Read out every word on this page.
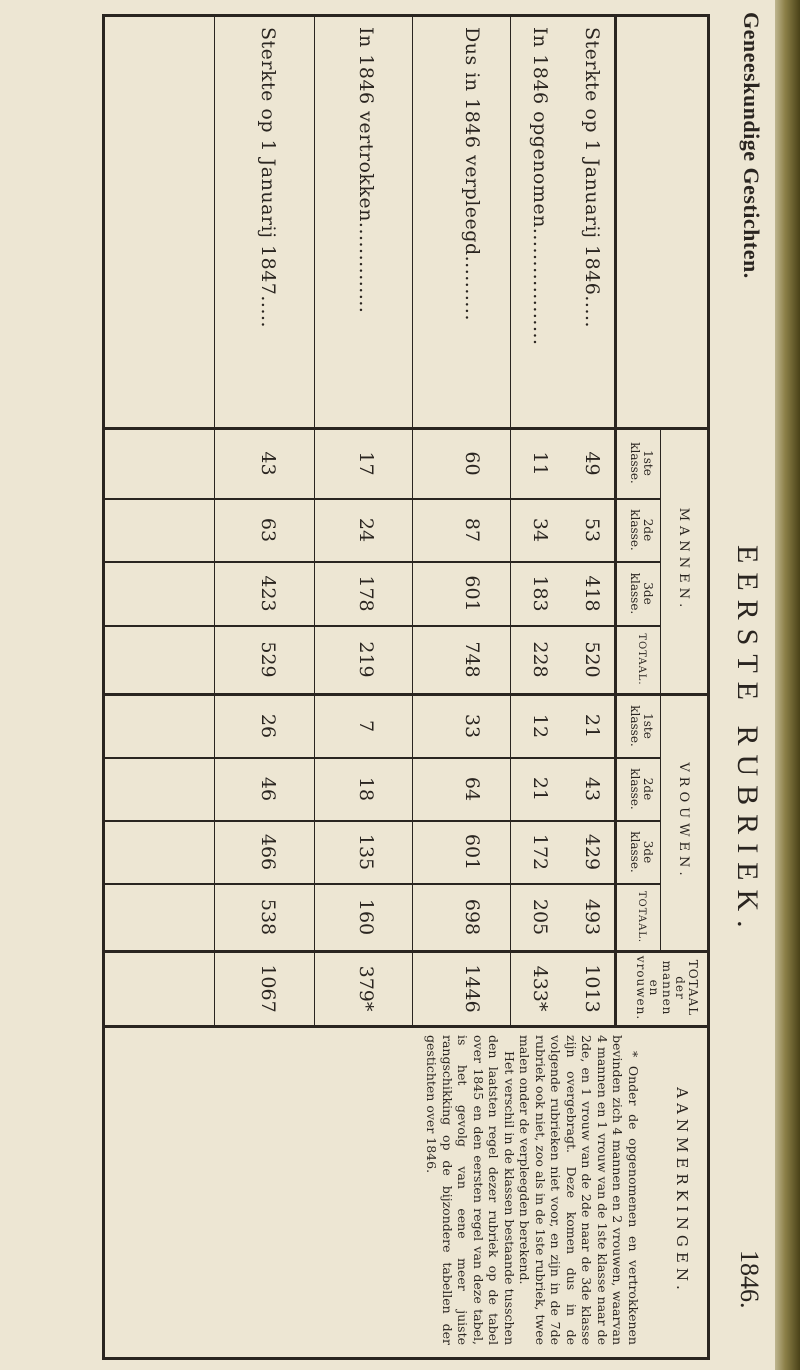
Geneeskundige Gestichten.
EERSTE RUBRIEK.
1846.
MANNEN.
VROUWEN.
TOTAAL der mannen en vrouwen.
AANMERKINGEN.
1ste klasse.
2de klasse.
3de klasse.
TOTAAL.
1ste klasse.
2de klasse.
3de klasse.
TOTAAL.
Sterkte op 1 Januarij 1846.....
49
53
418
520
21
43
429
493
1013
In 1846 opgenomen..................
11
34
183
228
12
21
172
205
433*
Dus in 1846 verpleegd..........
60
87
601
748
33
64
601
698
1446
In 1846 vertrokken..............
17
24
178
219
7
18
135
160
379*
Sterkte op 1 Januarij 1847.....
43
63
423
529
26
46
466
538
1067

* Onder de opgenomenen en vertrokkenen bevinden zich 4 mannen en 2 vrouwen, waarvan 4 mannen en 1 vrouw van de 1ste klasse naar de 2de, en 1 vrouw van de 2de naar de 3de klasse zijn overgebragt. Deze komen dus in de volgende rubrieken niet voor, en zijn in de 7de rubriek ook niet, zoo als in de 1ste rubriek, twee malen onder de verpleegden berekend.

Het verschil in de klassen bestaande tusschen den laatsten regel dezer rubriek op de tabel over 1845 en den eersten regel van deze tabel, is het gevolg van eene meer juiste rangschikking op de bijzondere tabellen der gestichten over 1846.
